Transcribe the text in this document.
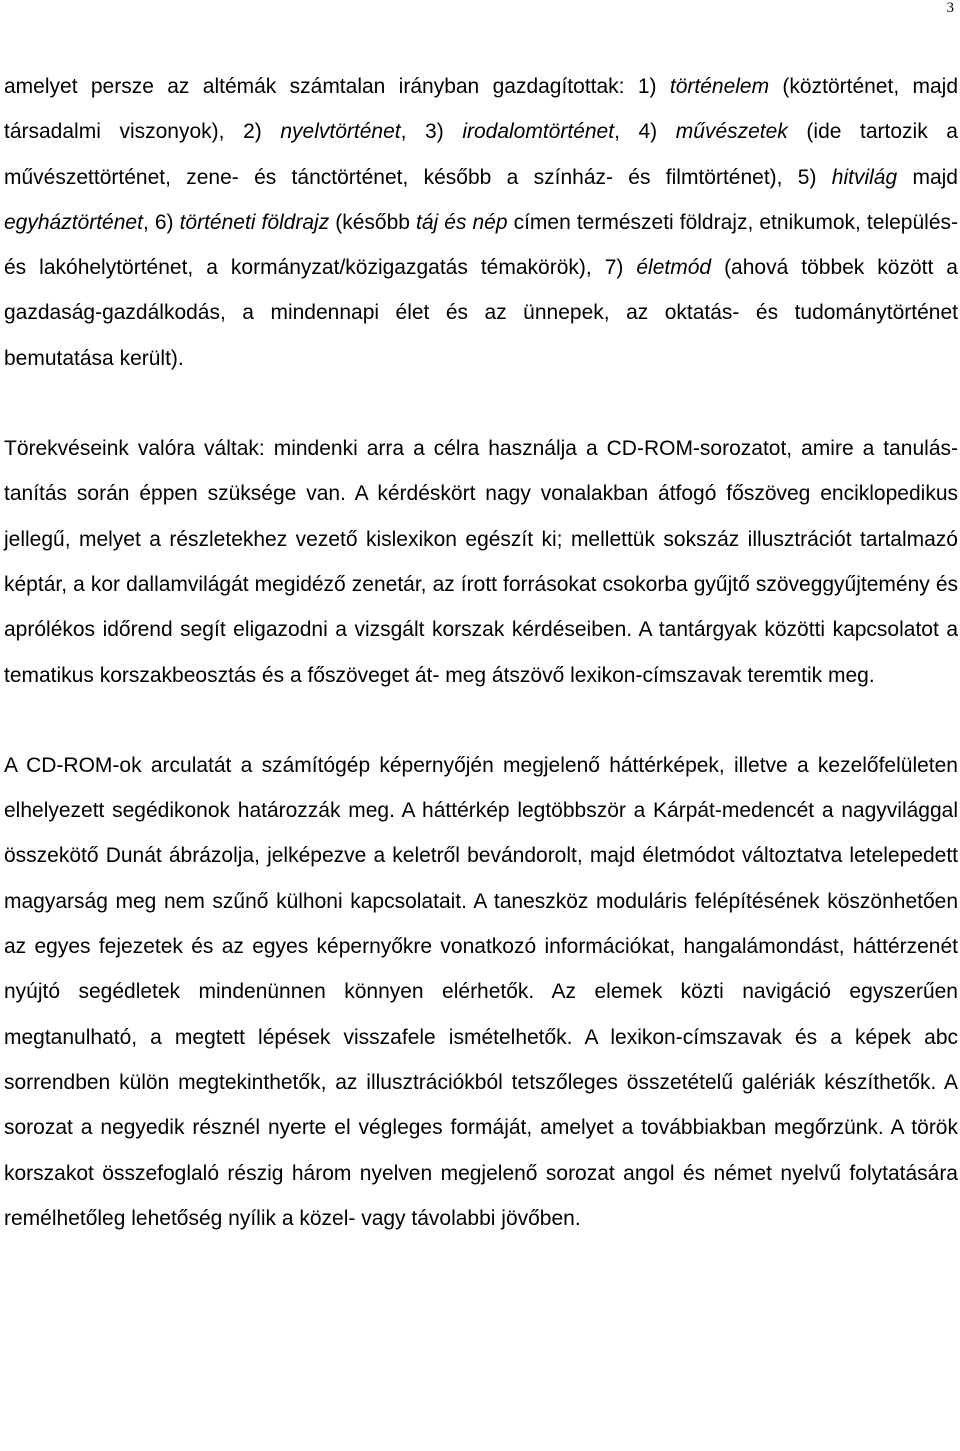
3

amelyet persze az altémák számtalan irányban gazdagítottak: 1) történelem (köztörténet, majd társadalmi viszonyok), 2) nyelvtörténet, 3) irodalomtörténet, 4) művészetek (ide tartozik a művészettörténet, zene- és tánctörténet, később a színház- és filmtörténet), 5) hitvilág majd egyháztörténet, 6) történeti földrajz (később táj és nép címen természeti földrajz, etnikumok, település- és lakóhelytörténet, a kormányzat/közigazgatás témakörök), 7) életmód (ahová többek között a gazdaság-gazdálkodás, a mindennapi élet és az ünnepek, az oktatás- és tudománytörténet bemutatása került).

Törekvéseink valóra váltak: mindenki arra a célra használja a CD-ROM-sorozatot, amire a tanulás-tanítás során éppen szüksége van. A kérdéskört nagy vonalakban átfogó főszöveg enciklopedikus jellegű, melyet a részletekhez vezető kislexikon egészít ki; mellettük sokszáz illusztrációt tartalmazó képtár, a kor dallamvilágát megidéző zenetár, az írott forrásokat csokorba gyűjtő szöveggyűjtemény és aprólékos időrend segít eligazodni a vizsgált korszak kérdéseiben. A tantárgyak közötti kapcsolatot a tematikus korszakbeosztás és a főszöveget át- meg átszövő lexikon-címszavak teremtik meg.

A CD-ROM-ok arculatát a számítógép képernyőjén megjelenő háttérképek, illetve a kezelőfelületen elhelyezett segédikonok határozzák meg. A háttérkép legtöbbször a Kárpát-medencét a nagyvilággal összekötő Dunát ábrázolja, jelképezve a keletről bevándorolt, majd életmódot változtatva letelepedett magyarság meg nem szűnő külhoni kapcsolatait. A taneszköz moduláris felépítésének köszönhetően az egyes fejezetek és az egyes képernyőkre vonatkozó információkat, hangalámondást, háttérzenét nyújtó segédletek mindenünnen könnyen elérhetők. Az elemek közti navigáció egyszerűen megtanulható, a megtett lépések visszafele ismételhetők. A lexikon-címszavak és a képek abc sorrendben külön megtekinthetők, az illusztrációkból tetszőleges összetételű galériák készíthetők. A sorozat a negyedik résznél nyerte el végleges formáját, amelyet a továbbiakban megőrzünk. A török korszakot összefoglaló részig három nyelven megjelenő sorozat angol és német nyelvű folytatására remélhetőleg lehetőség nyílik a közel- vagy távolabbi jövőben.
